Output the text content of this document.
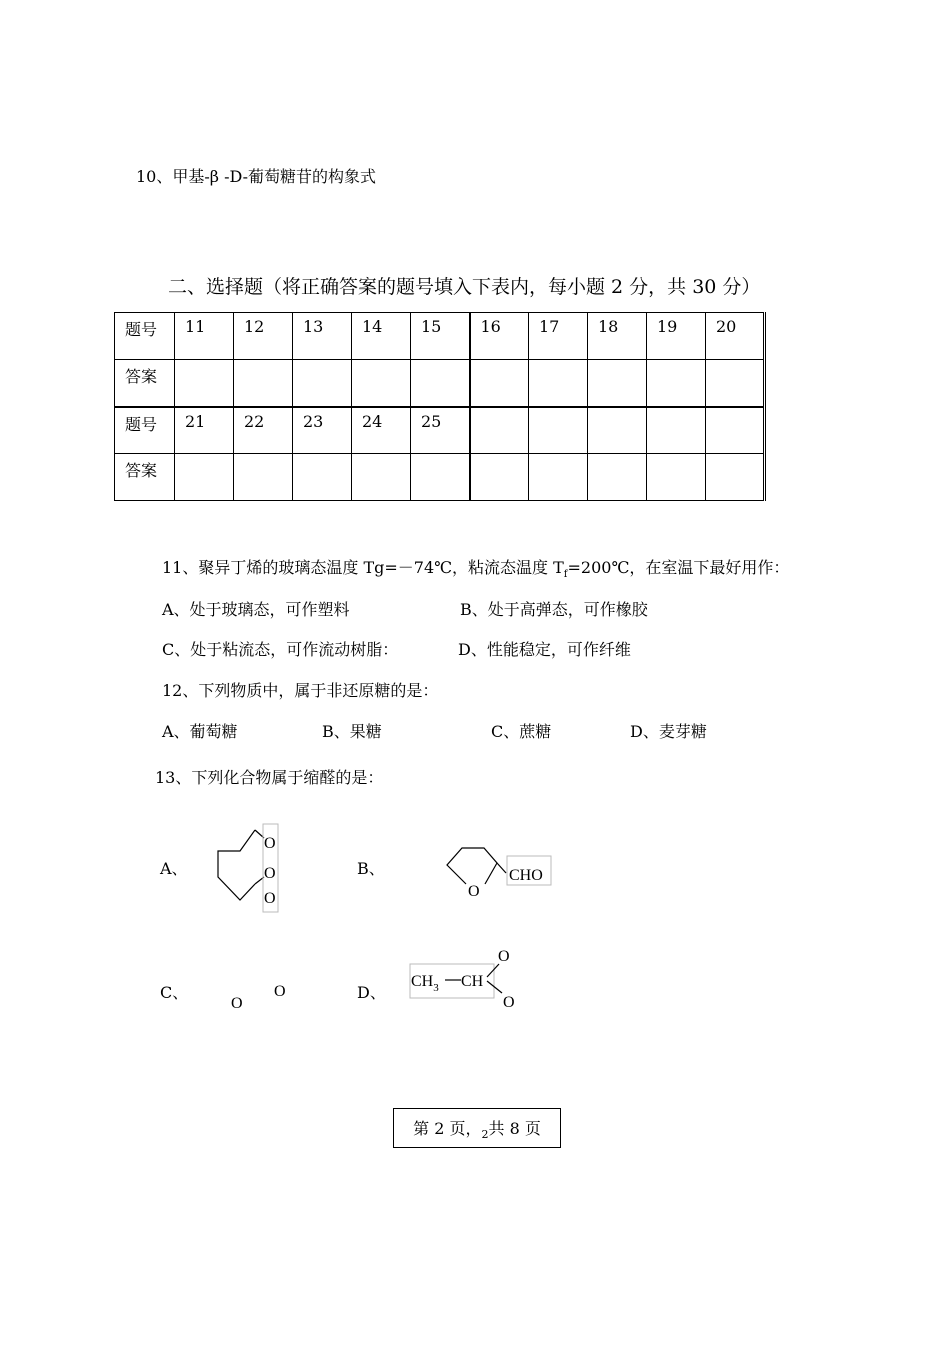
10、甲基-β -D-葡萄糖苷的构象式
二、选择题（将正确答案的题号填入下表内，每小题 2 分，共 30 分）
题号	11	12	13	14	15	16	17	18	19	20
答案										
题号	21	22	23	24	25					
答案										
11、聚异丁烯的玻璃态温度 Tg=－74℃，粘流态温度 $T_f=200℃$，在室温下最好用作：
A、处于玻璃态，可作塑料	B、处于高弹态，可作橡胶
C、处于粘流态，可作流动树脂：	D、性能稳定，可作纤维
12、下列物质中，属于非还原糖的是：
A、葡萄糖	B、果糖	C、蔗糖	D、麦芽糖
13、下列化合物属于缩醛的是：
A、	B、
C、	D、
O
O
O	O
CHO
O
O
$CH_3$ CH
O
O
第 2 页，$_2$共 8 页
